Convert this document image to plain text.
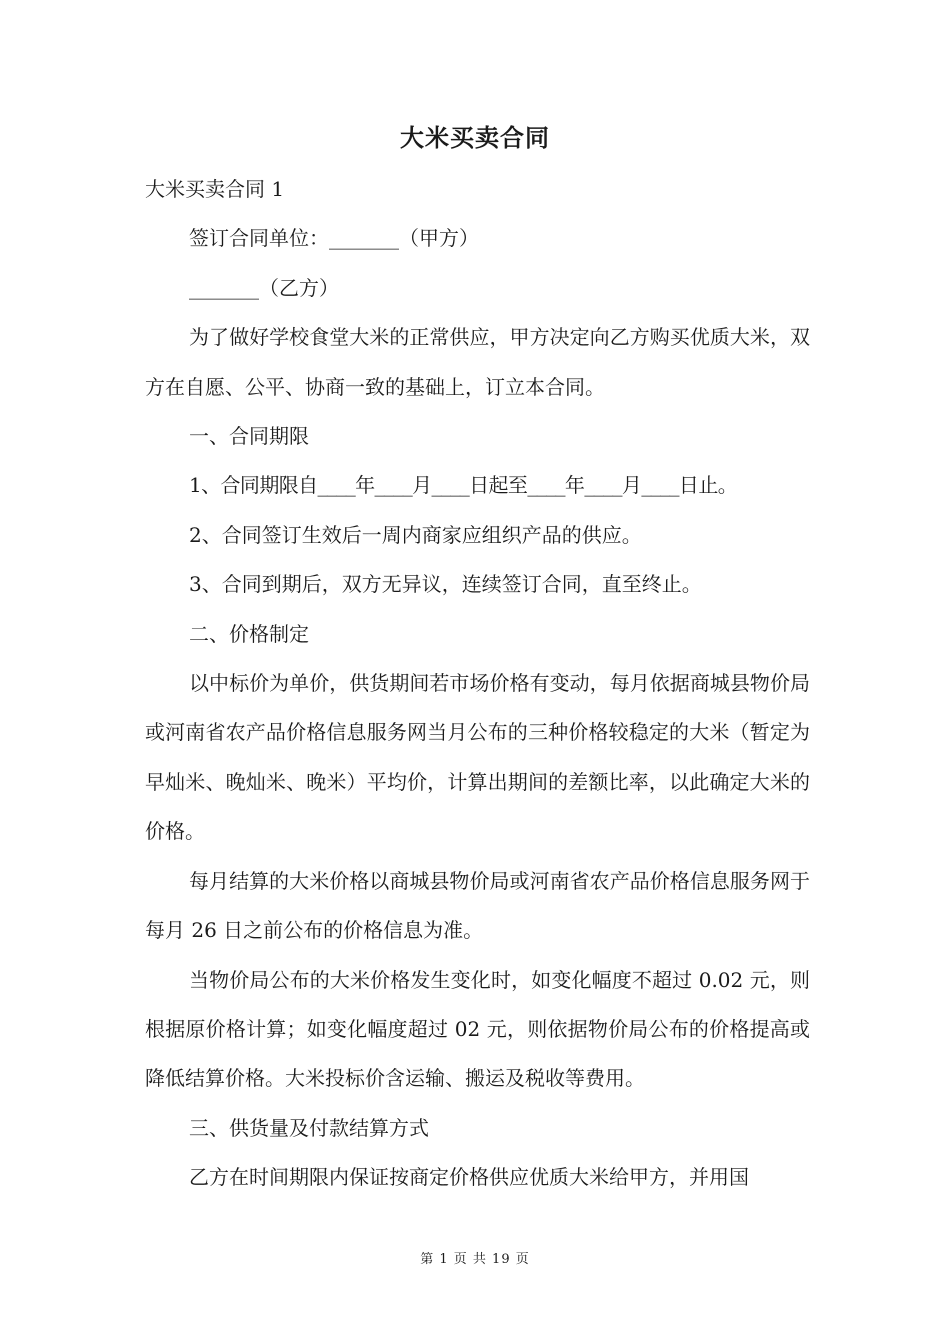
大米买卖合同

大米买卖合同 1

签订合同单位：_______（甲方）

_______（乙方）

为了做好学校食堂大米的正常供应，甲方决定向乙方购买优质大米，双方在自愿、公平、协商一致的基础上，订立本合同。

一、合同期限

1、合同期限自____年____月____日起至____年____月____日止。

2、合同签订生效后一周内商家应组织产品的供应。

3、合同到期后，双方无异议，连续签订合同，直至终止。

二、价格制定

以中标价为单价，供货期间若市场价格有变动，每月依据商城县物价局或河南省农产品价格信息服务网当月公布的三种价格较稳定的大米（暂定为早灿米、晚灿米、晚米）平均价，计算出期间的差额比率，以此确定大米的价格。

每月结算的大米价格以商城县物价局或河南省农产品价格信息服务网于每月 26 日之前公布的价格信息为准。

当物价局公布的大米价格发生变化时，如变化幅度不超过 0.02 元，则根据原价格计算；如变化幅度超过 02 元，则依据物价局公布的价格提高或降低结算价格。大米投标价含运输、搬运及税收等费用。

三、供货量及付款结算方式

乙方在时间期限内保证按商定价格供应优质大米给甲方，并用国

第 1 页 共 19 页
